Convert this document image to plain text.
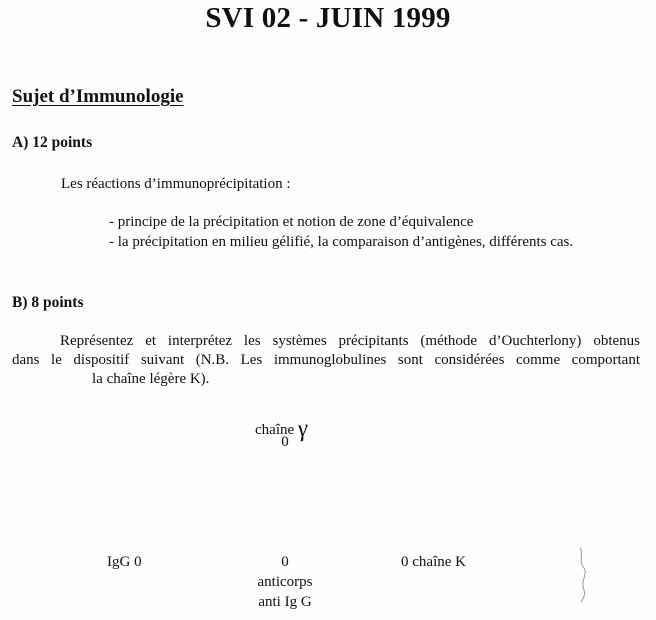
SVI 02 - JUIN 1999
Sujet d’Immunologie
A) 12 points
Les réactions d’immunoprécipitation :
- principe de la précipitation et notion de zone d’équivalence
- la précipitation en milieu gélifié, la comparaison d’antigènes, différents cas.
B) 8 points
Représentez et interprétez les systèmes précipitants (méthode d’Ouchterlony) obtenus
dans le dispositif suivant (N.B. Les immunoglobulines sont considérées comme comportant
la chaîne légère K).
chaîne γ
0
IgG 0	0
anticorps
anti Ig G
0 chaîne K
